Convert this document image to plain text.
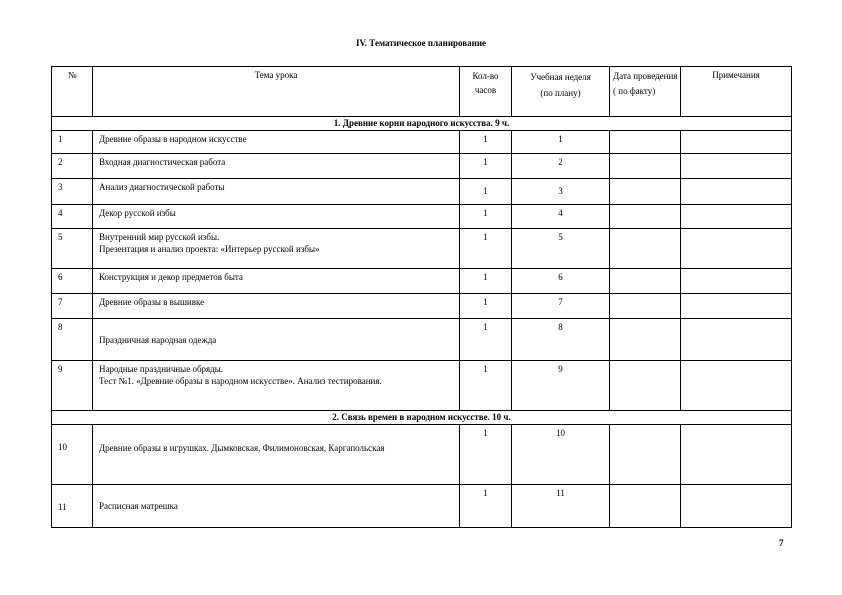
IV. Тематическое планирование
№	Тема урока	Кол-во часов	Учебная неделя (по плану)	Дата проведения ( по факту)	Примечания
1. Древние корни народного искусства. 9 ч.					
1	Древние образы в народном искусстве	1	1		
2	Входная диагностическая работа	1	2		
3	Анализ диагностической работы	1	3		
4	Декор русской избы	1	4		
5	Внутренний мир русской избы.
Презентация и анализ проекта: «Интерьер русской избы»	1	5		
6	Конструкция и декор предметов быта	1	6		
7	Древние образы в вышивке	1	7		
8	Праздничная народная одежда	1	8		
9	Народные праздничные обряды.
Тест №1. «Древние образы в народном искусстве». Анализ тестирования.	1	9		
2. Связь времен в народном искусстве. 10 ч.					
10	Древние образы в игрушках. Дымковская, Филимоновская, Каргапольская	1	10		
11	Расписная матрешка	1	11		
7
